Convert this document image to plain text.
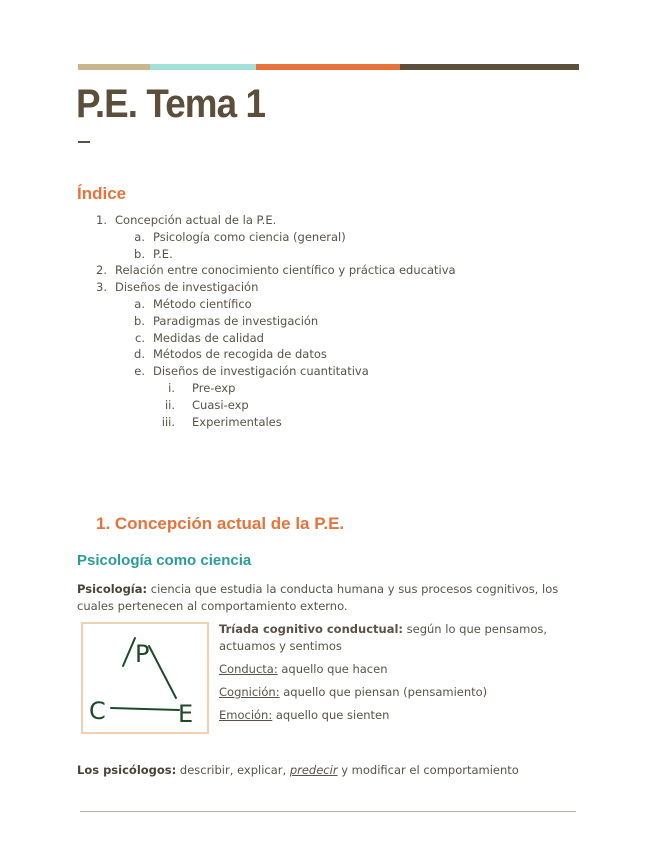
P.E. Tema 1
Índice
1. Concepción actual de la P.E.
a. Psicología como ciencia (general)
b. P.E.
2. Relación entre conocimiento científico y práctica educativa
3. Diseños de investigación
a. Método científico
b. Paradigmas de investigación
c. Medidas de calidad
d. Métodos de recogida de datos
e. Diseños de investigación cuantitativa
i. Pre-exp
ii. Cuasi-exp
iii. Experimentales
1. Concepción actual de la P.E.
Psicología como ciencia

Psicología: ciencia que estudia la conducta humana y sus procesos cognitivos, los cuales pertenecen al comportamiento externo.

P
C	E

Tríada cognitivo conductual: según lo que pensamos, actuamos y sentimos

Conducta: aquello que hacen

Cognición: aquello que piensan (pensamiento)

Emoción: aquello que sienten

Los psicólogos: describir, explicar, predecir y modificar el comportamiento
